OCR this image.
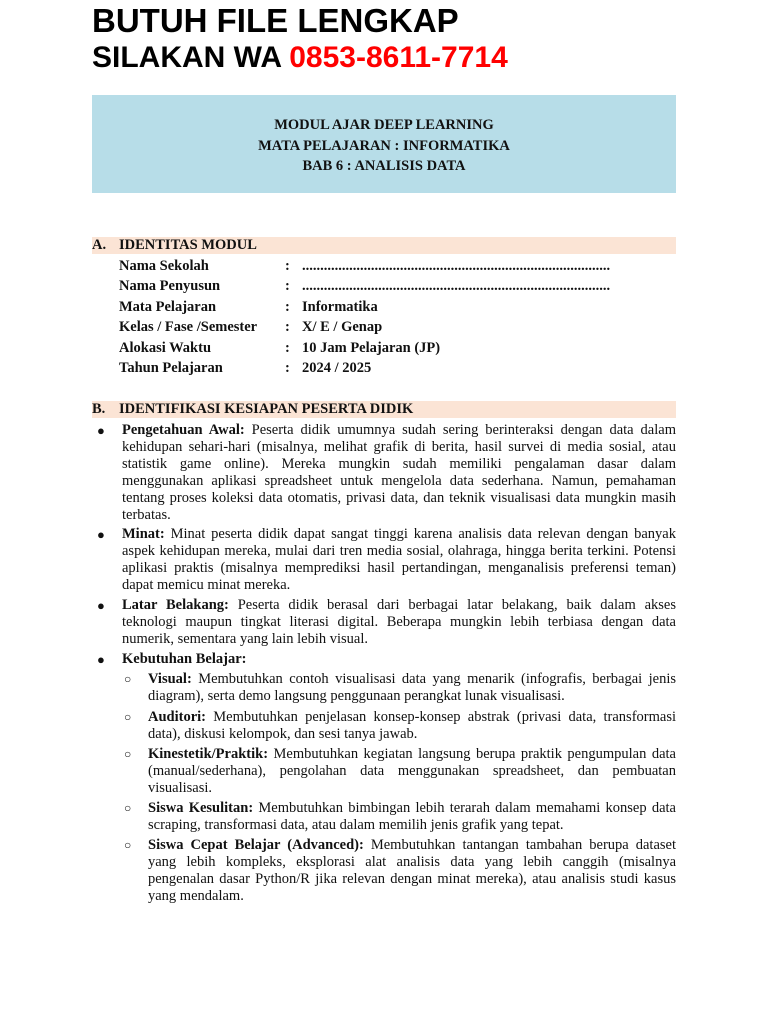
BUTUH FILE LENGKAP
SILAKAN WA 0853-8611-7714
MODUL AJAR DEEP LEARNING
MATA PELAJARAN : INFORMATIKA
BAB 6 : ANALISIS DATA
A. IDENTITAS MODUL
Nama Sekolah	: .....................................................................................
Nama Penyusun	: .....................................................................................
Mata Pelajaran	: Informatika
Kelas / Fase /Semester	: X/ E / Genap
Alokasi Waktu	: 10 Jam Pelajaran (JP)
Tahun Pelajaran	: 2024 / 2025
B. IDENTIFIKASI KESIAPAN PESERTA DIDIK
● Pengetahuan Awal: Peserta didik umumnya sudah sering berinteraksi dengan data dalam kehidupan sehari-hari (misalnya, melihat grafik di berita, hasil survei di media sosial, atau statistik game online). Mereka mungkin sudah memiliki pengalaman dasar dalam menggunakan aplikasi spreadsheet untuk mengelola data sederhana. Namun, pemahaman tentang proses koleksi data otomatis, privasi data, dan teknik visualisasi data mungkin masih terbatas.

● Minat: Minat peserta didik dapat sangat tinggi karena analisis data relevan dengan banyak aspek kehidupan mereka, mulai dari tren media sosial, olahraga, hingga berita terkini. Potensi aplikasi praktis (misalnya memprediksi hasil pertandingan, menganalisis preferensi teman) dapat memicu minat mereka.

● Latar Belakang: Peserta didik berasal dari berbagai latar belakang, baik dalam akses teknologi maupun tingkat literasi digital. Beberapa mungkin lebih terbiasa dengan data numerik, sementara yang lain lebih visual.

● Kebutuhan Belajar:

○ Visual: Membutuhkan contoh visualisasi data yang menarik (infografis, berbagai jenis diagram), serta demo langsung penggunaan perangkat lunak visualisasi.

○ Auditori: Membutuhkan penjelasan konsep-konsep abstrak (privasi data, transformasi data), diskusi kelompok, dan sesi tanya jawab.

○ Kinestetik/Praktik: Membutuhkan kegiatan langsung berupa praktik pengumpulan data (manual/sederhana), pengolahan data menggunakan spreadsheet, dan pembuatan visualisasi.

○ Siswa Kesulitan: Membutuhkan bimbingan lebih terarah dalam memahami konsep data scraping, transformasi data, atau dalam memilih jenis grafik yang tepat.

○ Siswa Cepat Belajar (Advanced): Membutuhkan tantangan tambahan berupa dataset yang lebih kompleks, eksplorasi alat analisis data yang lebih canggih (misalnya pengenalan dasar Python/R jika relevan dengan minat mereka), atau analisis studi kasus yang mendalam.
